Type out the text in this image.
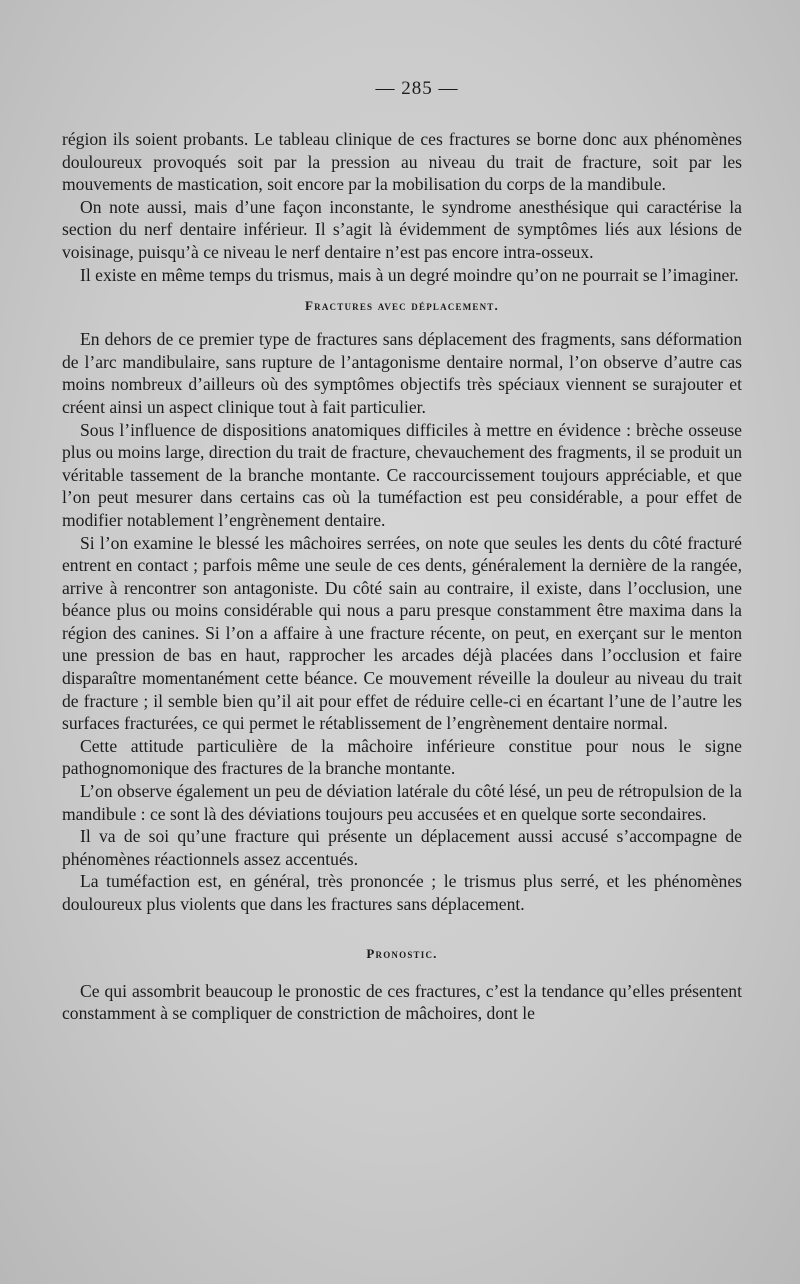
— 285 —

région ils soient probants. Le tableau clinique de ces fractures se borne donc aux phénomènes douloureux provoqués soit par la pression au niveau du trait de fracture, soit par les mouvements de mastication, soit encore par la mobilisation du corps de la mandibule.

On note aussi, mais d’une façon inconstante, le syndrome anesthésique qui caractérise la section du nerf dentaire inférieur. Il s’agit là évidemment de symptômes liés aux lésions de voisinage, puisqu’à ce niveau le nerf dentaire n’est pas encore intra-osseux.

Il existe en même temps du trismus, mais à un degré moindre qu’on ne pourrait se l’imaginer.

Fractures avec déplacement.

En dehors de ce premier type de fractures sans déplacement des fragments, sans déformation de l’arc mandibulaire, sans rupture de l’antagonisme dentaire normal, l’on observe d’autre cas moins nombreux d’ailleurs où des symptômes objectifs très spéciaux viennent se surajouter et créent ainsi un aspect clinique tout à fait particulier.

Sous l’influence de dispositions anatomiques difficiles à mettre en évidence : brèche osseuse plus ou moins large, direction du trait de fracture, chevauchement des fragments, il se produit un véritable tassement de la branche montante. Ce raccourcissement toujours appréciable, et que l’on peut mesurer dans certains cas où la tuméfaction est peu considérable, a pour effet de modifier notablement l’engrènement dentaire.

Si l’on examine le blessé les mâchoires serrées, on note que seules les dents du côté fracturé entrent en contact ; parfois même une seule de ces dents, généralement la dernière de la rangée, arrive à rencontrer son antagoniste. Du côté sain au contraire, il existe, dans l’occlusion, une béance plus ou moins considérable qui nous a paru presque constamment être maxima dans la région des canines. Si l’on a affaire à une fracture récente, on peut, en exerçant sur le menton une pression de bas en haut, rapprocher les arcades déjà placées dans l’occlusion et faire disparaître momentanément cette béance. Ce mouvement réveille la douleur au niveau du trait de fracture ; il semble bien qu’il ait pour effet de réduire celle-ci en écartant l’une de l’autre les surfaces fracturées, ce qui permet le rétablissement de l’engrènement dentaire normal.

Cette attitude particulière de la mâchoire inférieure constitue pour nous le signe pathognomonique des fractures de la branche montante.

L’on observe également un peu de déviation latérale du côté lésé, un peu de rétropulsion de la mandibule : ce sont là des déviations toujours peu accusées et en quelque sorte secondaires.

Il va de soi qu’une fracture qui présente un déplacement aussi accusé s’accompagne de phénomènes réactionnels assez accentués.

La tuméfaction est, en général, très prononcée ; le trismus plus serré, et les phénomènes douloureux plus violents que dans les fractures sans déplacement.

Pronostic.

Ce qui assombrit beaucoup le pronostic de ces fractures, c’est la tendance qu’elles présentent constamment à se compliquer de constriction de mâchoires, dont le
